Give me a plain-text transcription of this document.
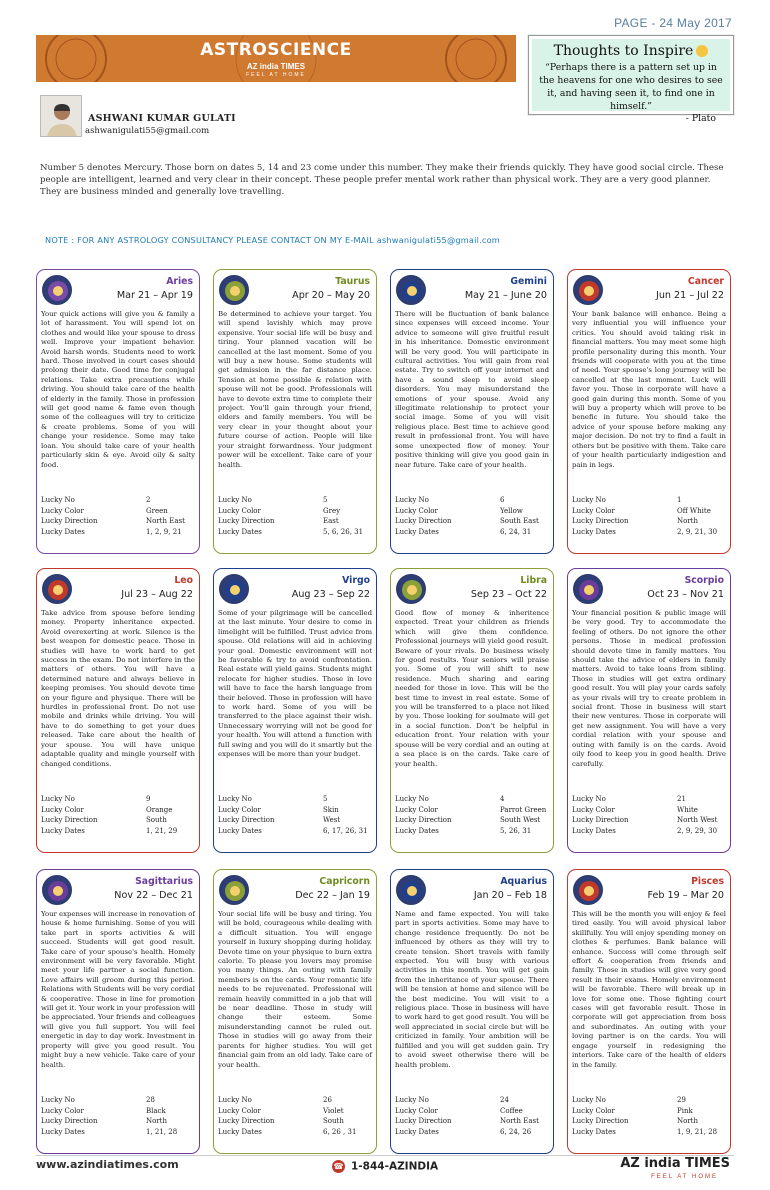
PAGE - 24 May 2017
ASTROSCIENCE
AZ india TIMES
FEEL AT HOME
Thoughts to Inspire
“Perhaps there is a pattern set up in the heavens for one who desires to see it, and having seen it, to find one in himself.”
- Plato
ASHWANI KUMAR GULATI
ashwanigulati55@gmail.com
Number 5 denotes Mercury. Those born on dates 5, 14 and 23 come under this number. They make their friends quickly. They have good social circle. These people are intelligent, learned and very clear in their concept. These people prefer mental work rather than physical work. They are a very good planner. They are business minded and generally love travelling.
NOTE : FOR ANY ASTROLOGY CONSULTANCY PLEASE CONTACT ON MY E-MAIL ashwanigulati55@gmail.com
Aries
Mar 21 – Apr 19
Your quick actions will give you & family a lot of harassment. You will spend lot on clothes and would like your spouse to dress well. Improve your impatient behavior. Avoid harsh words. Students need to work hard. Those involved in court cases should prolong their date. Good time for conjugal relations. Take extra precautions while driving. You should take care of the health of elderly in the family. Those in profession will get good name & fame even though some of the colleagues will try to criticize & create problems. Some of you will change your residence. Some may take loan. You should take care of your health particularly skin & eye. Avoid oily & salty food.
Lucky No	2
Lucky Color	Green
Lucky Direction	North East
Lucky Dates	1, 2, 9, 21
Taurus
Apr 20 – May 20
Be determined to achieve your target. You will spend lavishly which may prove expensive. Your social life will be busy and tiring. Your planned vacation will be cancelled at the last moment. Some of you will buy a new house. Some students will get admission in the far distance place. Tension at home possible & relation with spouse will not be good. Professionals will have to devote extra time to complete their project. You'll gain through your friend, elders and family members. You will be very clear in your thought about your future course of action. People will like your straight forwardness. Your judgment power will be excellent. Take care of your health.
Lucky No	5
Lucky Color	Grey
Lucky Direction	East
Lucky Dates	5, 6, 26, 31
Gemini
May 21 – June 20
There will be fluctuation of bank balance since expenses will exceed income. Your advice to someone will give fruitful result in his inheritance. Domestic environment will be very good. You will participate in cultural activities. You will gain from real estate. Try to switch off your internet and have a sound sleep to avoid sleep disorders. You may misunderstand the emotions of your spouse. Avoid any illegitimate relationship to protect your social image. Some of you will visit religious place. Best time to achieve good result in professional front. You will have some unexpected flow of money. Your positive thinking will give you good gain in near future. Take care of your health.
Lucky No	6
Lucky Color	Yellow
Lucky Direction	South East
Lucky Dates	6, 24, 31
Cancer
Jun 21 – Jul 22
Your bank balance will enhance. Being a very influential you will influence your critics. You should avoid taking risk in financial matters. You may meet some high profile personality during this month. Your friends will cooperate with you at the time of need. Your spouse's long journey will be cancelled at the last moment. Luck will favor you. Those in corporate will have a good gain during this month. Some of you will buy a property which will prove to be benefic in future. You should take the advice of your spouse before making any major decision. Do not try to find a fault in others but be positive with them. Take care of your health particularly indigestion and pain in legs.
Lucky No	1
Lucky Color	Off White
Lucky Direction	North
Lucky Dates	2, 9, 21, 30
Leo
Jul 23 – Aug 22
Take advice from spouse before lending money. Property inheritance expected. Avoid overexerting at work. Silence is the best weapon for domestic peace. Those in studies will have to work hard to get success in the exam. Do not interfere in the matters of others. You will have a determined nature and always believe in keeping promises. You should devote time on your figure and physique. There will be hurdles in professional front. Do not use mobile and drinks while driving. You will have to do something to get your dues released. Take care about the health of your spouse. You will have unique adaptable quality and mingle yourself with changed conditions.
Lucky No	9
Lucky Color	Orange
Lucky Direction	South
Lucky Dates	1, 21, 29
Virgo
Aug 23 – Sep 22
Some of your pilgrimage will be cancelled at the last minute. Your desire to come in limelight will be fulfilled. Trust advice from spouse. Old relations will aid in achieving your goal. Domestic environment will not be favorable & try to avoid confrontation. Real estate will yield gains. Students might relocate for higher studies. Those in love will have to face the harsh language from their beloved. Those in profession will have to work hard. Some of you will be transferred to the place against their wish. Unnecessary worrying will not be good for your health. You will attend a function with full swing and you will do it smartly but the expenses will be more than your budget.
Lucky No	5
Lucky Color	Skin
Lucky Direction	West
Lucky Dates	6, 17, 26, 31
Libra
Sep 23 – Oct 22
Good flow of money & inheritence expected. Treat your children as friends which will give them confidence. Professional journeys will yield good result. Beware of your rivals. Do business wisely for good restults. Your seniors will praise you. Some of you will shift to new residence. Much sharing and earing needed for those in love. This will be the best time to invest in real estate. Some of you will be transferred to a place not liked by you. Those looking for soulmate will get in a social function. Don't be helpful in education front. Your relation with your spouse will be very cordial and an outing at a sea place is on the cards. Take care of your health.
Lucky No	4
Lucky Color	Parrot Green
Lucky Direction	South West
Lucky Dates	5, 26, 31
Scorpio
Oct 23 – Nov 21
Your financial position & public image will be very good. Try to accommodate the feeling of others. Do not ignore the other persons. Those in medical profession should devote time in family matters. You should take the advice of elders in family matters. Avoid to take loans from sibling. Those in studies will get extra ordinary good result. You will play your cards safely as your rivals will try to create problem in social front. Those in business will start their new ventures. Those in corporate will get new assignment. You will have a very cordial relation with your spouse and outing with family is on the cards. Avoid oily food to keep you in good health. Drive carefully.
Lucky No	21
Lucky Color	White
Lucky Direction	North West
Lucky Dates	2, 9, 29, 30
Sagittarius
Nov 22 – Dec 21
Your expenses will increase in renovation of house & home furnishing. Some of you will take part in sports activities & will succeed. Students will get good result. Take care of your spouse's health. Homely environment will be very favorable. Might meet your life partner a social function. Love affairs will groom during this period. Relations with Students will be very cordial & cooperative. Those in line for promotion will get it. Your work in your profession will be appreciated. Your friends and colleagues will give you full support. You will feel energetic in day to day work. Investment in property will give you good result. You might buy a new vehicle. Take care of your health.
Lucky No	28
Lucky Color	Black
Lucky Direction	North
Lucky Dates	1, 21, 28
Capricorn
Dec 22 – Jan 19
Your social life will be busy and tiring. You will be bold, courageous while dealing with a difficult situation. You will engage yourself in luxury shopping during holiday. Devote time on your physique to burn extra calorie. To please you lovers may promise you many things. An outing with family members is on the cards. Your romantic life needs to be rejuvenated. Professional will remain heavily committed in a job that will be near deadline. Those in study will change their esteem. Some misunderstanding cannot be ruled out. Those in studies will go away from their parents for higher studies. You will get financial gain from an old lady. Take care of your health.
Lucky No	26
Lucky Color	Violet
Lucky Direction	South
Lucky Dates	6, 26 , 31
Aquarius
Jan 20 – Feb 18
Name and fame expected. You will take part in sports activities. Some may have to change residence frequently. Do not be influenced by others as they will try to create tension. Short travels with family expected. You will busy with various activities in this month. You will get gain from the inheritance of your spouse. There will be tension at home and silence will be the best medicine. You will visit to a religious place. Those in business will have to work hard to get good result. You will be well appreciated in social circle but will be criticized in family. Your ambition will be fulfilled and you will get sudden gain. Try to avoid sweet otherwise there will be health problem.
Lucky No	24
Lucky Color	Coffee
Lucky Direction	North East
Lucky Dates	6, 24, 26
Pisces
Feb 19 – Mar 20
This will be the month you will enjoy & feel tired easily. You will avoid physical labor skillfully. You will enjoy spending money on clothes & perfumes. Bank balance will enhance. Success will come through self effort & cooperation from friends and family. Those in studies will give very good result in their exams. Homely environment will be favorable. There will break up in love for some one. Those fighting court cases will get favorable result. Those in corporate will get appreciation from boss and subordinates. An outing with your loving partner is on the cards. You will engage yourself in redesigning the interiors. Take care of the health of elders in the family.
Lucky No	29
Lucky Color	Pink
Lucky Direction	North
Lucky Dates	1, 9, 21, 28
www.azindiatimes.com	☎ 1-844-AZINDIA	AZ india TIMES
FEEL AT HOME
